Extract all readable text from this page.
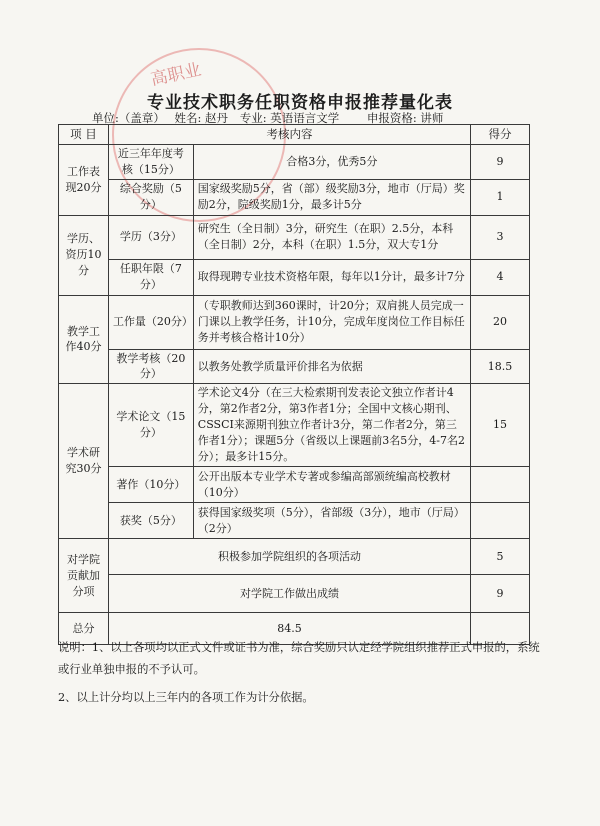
高职业
专业技术职务任职资格申报推荐量化表
单位:（盖章） 姓名: 赵丹 专业: 英语语言文学 申报资格: 讲师
项 目	考核内容		得分
工作表现20分	近三年年度考核（15分）	合格3分，优秀5分	9
	综合奖励（5分）	国家级奖励5分，省（部）级奖励3分，地市（厅局）奖励2分，院级奖励1分，最多计5分	1
学历、资历10分	学历（3分）	研究生（全日制）3分，研究生（在职）2.5分，本科（全日制）2分，本科（在职）1.5分，双大专1分	3
	任职年限（7分）	取得现聘专业技术资格年限，每年以1分计，最多计7分	4
教学工作40分	工作量（20分）	（专职教师达到360课时，计20分；双肩挑人员完成一门课以上教学任务，计10分，完成年度岗位工作目标任务并考核合格计10分）	20
	教学考核（20分）	以教务处教学质量评价排名为依据	18.5
学术研究30分	学术论文（15分）	学术论文4分（在三大检索期刊发表论文独立作者计4分，第2作者2分，第3作者1分；全国中文核心期刊、CSSCI来源期刊独立作者计3分，第二作者2分，第三作者1分）；课题5分（省级以上课题前3名5分，4-7名2分）；最多计15分。	15
	著作（10分）	公开出版本专业学术专著或参编高部颁统编高校教材（10分）	
	获奖（5分）	获得国家级奖项（5分），省部级（3分），地市（厅局）（2分）	
对学院贡献加分项	积极参加学院组织的各项活动		5
	对学院工作做出成绩		9
总分	84.5		
说明：1、以上各项均以正式文件或证书为准，综合奖励只认定经学院组织推荐正式申报的，系统或行业单独申报的不予认可。
2、以上计分均以上三年内的各项工作为计分依据。
